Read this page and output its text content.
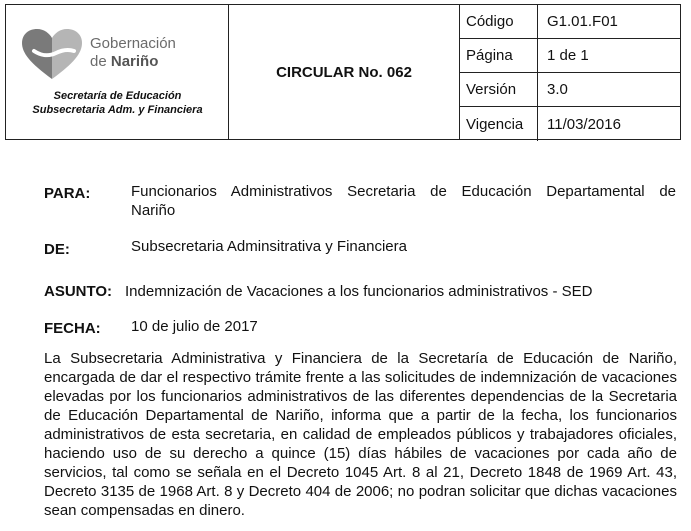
Gobernación
de Nariño
Secretaría de Educación
Subsecretaria Adm. y Financiera
CIRCULAR No. 062
Código	G1.01.F01
Página	1 de 1
Versión	3.0
Vigencia	11/03/2016
PARA:	Funcionarios Administrativos Secretaria de Educación Departamental de
Nariño
DE:	Subsecretaria Adminsitrativa y Financiera
ASUNTO: Indemnización de Vacaciones a los funcionarios administrativos - SED
FECHA: 10 de julio de 2017
La Subsecretaria Administrativa y Financiera de la Secretaría de Educación de Nariño, encargada de dar el respectivo trámite frente a las solicitudes de indemnización de vacaciones elevadas por los funcionarios administrativos de las diferentes dependencias de la Secretaria de Educación Departamental de Nariño, informa que a partir de la fecha, los funcionarios administrativos de esta secretaria, en calidad de empleados públicos y trabajadores oficiales, haciendo uso de su derecho a quince (15) días hábiles de vacaciones por cada año de servicios, tal como se señala en el Decreto 1045 Art. 8 al 21, Decreto 1848 de 1969 Art. 43, Decreto 3135 de 1968 Art. 8 y Decreto 404 de 2006; no podran solicitar que dichas vacaciones sean compensadas en dinero.
